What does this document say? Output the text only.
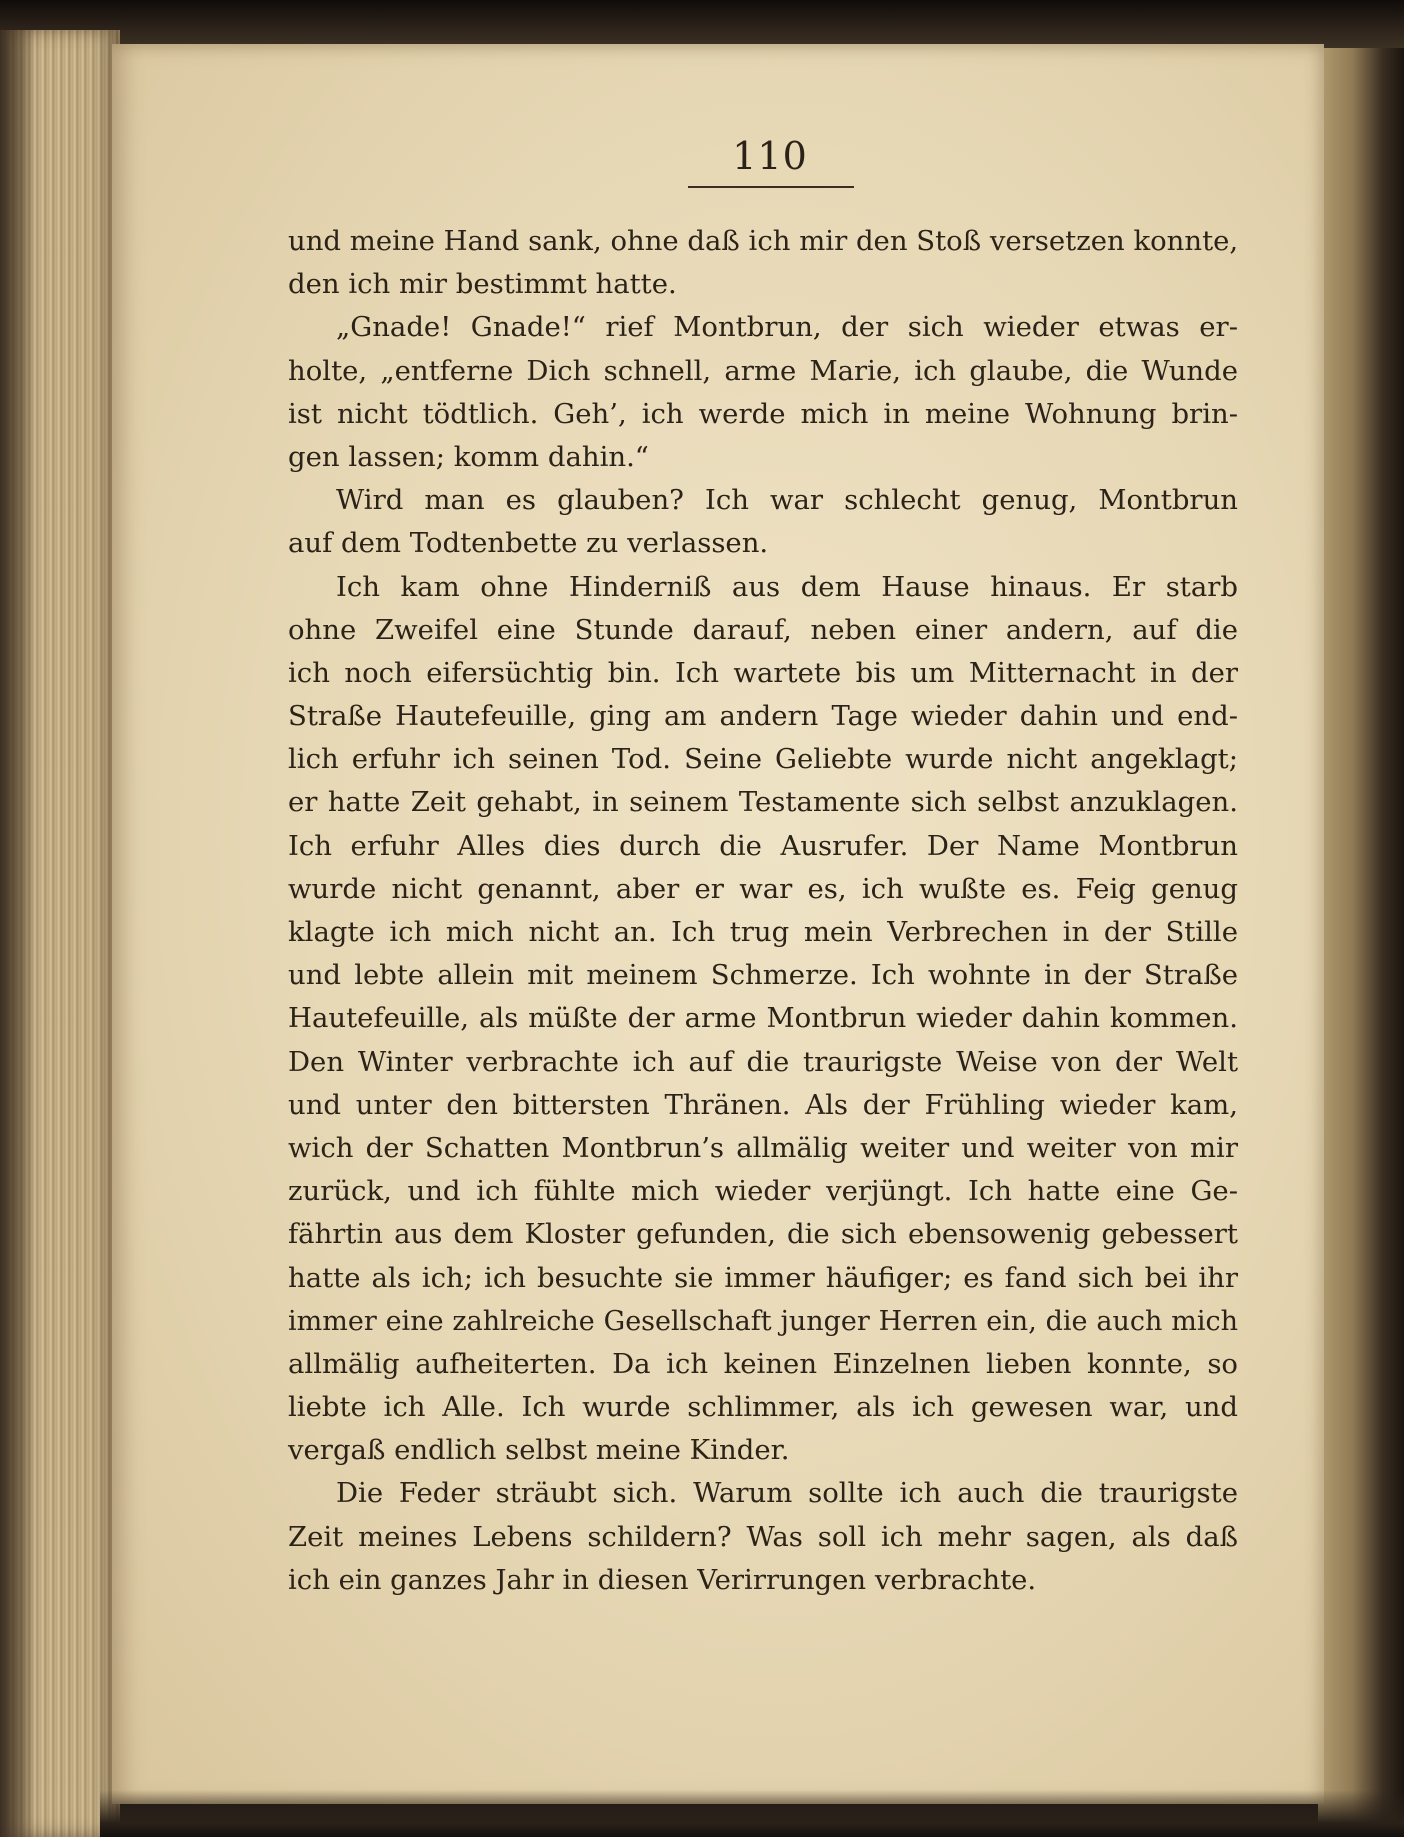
110
und meine Hand sank, ohne daß ich mir den Stoß versetzen konnte,
den ich mir bestimmt hatte.
„Gnade! Gnade!“ rief Montbrun, der sich wieder etwas er-
holte, „entferne Dich schnell, arme Marie, ich glaube, die Wunde
ist nicht tödtlich. Geh’, ich werde mich in meine Wohnung brin-
gen lassen; komm dahin.“
Wird man es glauben? Ich war schlecht genug, Montbrun
auf dem Todtenbette zu verlassen.
Ich kam ohne Hinderniß aus dem Hause hinaus. Er starb
ohne Zweifel eine Stunde darauf, neben einer andern, auf die
ich noch eifersüchtig bin. Ich wartete bis um Mitternacht in der
Straße Hautefeuille, ging am andern Tage wieder dahin und end-
lich erfuhr ich seinen Tod. Seine Geliebte wurde nicht angeklagt;
er hatte Zeit gehabt, in seinem Testamente sich selbst anzuklagen.
Ich erfuhr Alles dies durch die Ausrufer. Der Name Montbrun
wurde nicht genannt, aber er war es, ich wußte es. Feig genug
klagte ich mich nicht an. Ich trug mein Verbrechen in der Stille
und lebte allein mit meinem Schmerze. Ich wohnte in der Straße
Hautefeuille, als müßte der arme Montbrun wieder dahin kommen.
Den Winter verbrachte ich auf die traurigste Weise von der Welt
und unter den bittersten Thränen. Als der Frühling wieder kam,
wich der Schatten Montbrun’s allmälig weiter und weiter von mir
zurück, und ich fühlte mich wieder verjüngt. Ich hatte eine Ge-
fährtin aus dem Kloster gefunden, die sich ebensowenig gebessert
hatte als ich; ich besuchte sie immer häufiger; es fand sich bei ihr
immer eine zahlreiche Gesellschaft junger Herren ein, die auch mich
allmälig aufheiterten. Da ich keinen Einzelnen lieben konnte, so
liebte ich Alle. Ich wurde schlimmer, als ich gewesen war, und
vergaß endlich selbst meine Kinder.
Die Feder sträubt sich. Warum sollte ich auch die traurigste
Zeit meines Lebens schildern? Was soll ich mehr sagen, als daß
ich ein ganzes Jahr in diesen Verirrungen verbrachte.
